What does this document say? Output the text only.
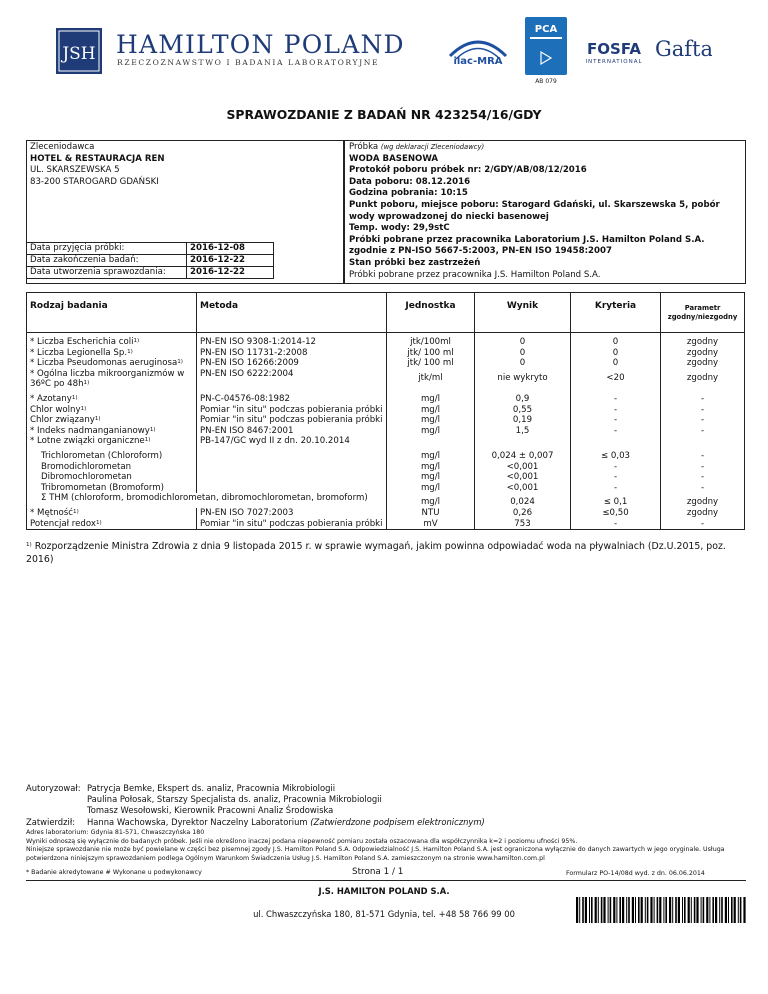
JSH HAMILTON POLAND
RZECZOZNAWSTWO I BADANIA LABORATORYJNE	ilac-MRA
PCA
AB 079
FOSFA
INTERNATIONAL
Gafta
SPRAWOZDANIE Z BADAŃ NR 423254/16/GDY
Zleceniodawca
HOTEL & RESTAURACJA REN
UL. SKARSZEWSKA 5
83-200 STAROGARD GDAŃSKI
Data przyjęcia próbki:	2016-12-08
Data zakończenia badań:	2016-12-22
Data utworzenia sprawozdania:	2016-12-22
Próbka (wg deklaracji Zleceniodawcy)
WODA BASENOWA
Protokół poboru próbek nr: 2/GDY/AB/08/12/2016
Data poboru: 08.12.2016
Godzina pobrania: 10:15
Punkt poboru, miejsce poboru: Starogard Gdański, ul. Skarszewska 5, pobór wody wprowadzonej do niecki basenowej
Temp. wody: 29,9stC
Próbki pobrane przez pracownika Laboratorium J.S. Hamilton Poland S.A. zgodnie z PN-ISO 5667-5:2003, PN-EN ISO 19458:2007
Stan próbki bez zastrzeżeń
Próbki pobrane przez pracownika J.S. Hamilton Poland S.A.
Rodzaj badania	Metoda	Jednostka	Wynik	Kryteria	Parametr zgodny/niezgodny

* Liczba Escherichia coli$^{1)}$	PN-EN ISO 9308-1:2014-12	jtk/100ml	0	0	zgodny
* Liczba Legionella Sp.$^{1)}$	PN-EN ISO 11731-2:2008	jtk/ 100 ml	0	0	zgodny
* Liczba Pseudomonas aeruginosa$^{1)}$	PN-EN ISO 16266:2009	jtk/ 100 ml	0	0	zgodny
* Ogólna liczba mikroorganizmów w 36ºC po $48h^{1)}$	PN-EN ISO 6222:2004	jtk/ml	nie wykryto	<20	zgodny

* Azotany$^{1)}$	PN-C-04576-08:1982	mg/l	0,9	-	-
Chlor wolny$^{1)}$	Pomiar "in situ" podczas pobierania próbki	mg/l	0,55	-	-
Chlor związany$^{1)}$	Pomiar "in situ" podczas pobierania próbki	mg/l	0,19	-	-
* Indeks nadmanganianowy$^{1)}$	PN-EN ISO 8467:2001	mg/l	1,5	-	-
* Lotne związki organiczne$^{1)}$	PB-147/GC wyd II z dn. 20.10.2014				

Trichlorometan (Chloroform)		mg/l	0,024 ± 0,007	≤ 0,03	-
Bromodichlorometan		mg/l	<0,001	-	-
Dibromochlorometan		mg/l	<0,001	-	-
Tribromometan (Bromoform)		mg/l	<0,001	-	-
Σ THM (chloroform, bromodichlorometan, dibromochlorometan, bromoform)		mg/l	0,024	≤ 0,1	zgodny
* Mętność$^{1)}$	PN-EN ISO 7027:2003	NTU	0,26	≤0,50	zgodny
Potencjał redox$^{1)}$	Pomiar "in situ" podczas pobierania próbki	mV	753	-	-
$^{1)}$ Rozporządzenie Ministra Zdrowia z dnia 9 listopada 2015 r. w sprawie wymagań, jakim powinna odpowiadać woda na pływalniach (Dz.U.2015, poz. 2016)
Autoryzował: Patrycja Bemke, Ekspert ds. analiz, Pracownia Mikrobiologii
Paulina Połosak, Starszy Specjalista ds. analiz, Pracownia Mikrobiologii
Tomasz Wesołowski, Kierownik Pracowni Analiz Środowiska
Zatwierdził:	Hanna Wachowska, Dyrektor Naczelny Laboratorium
(Zatwierdzone podpisem elektronicznym)
Adres laboratorium: Gdynia 81-571, Chwaszczyńska 180
Wyniki odnoszą się wyłącznie do badanych próbek. Jeśli nie określono inaczej podana niepewność pomiaru została oszacowana dla współczynnika k=2 i poziomu ufności 95%.
Niniejsze sprawozdanie nie może być powielane w części bez pisemnej zgody J.S. Hamilton Poland S.A. Odpowiedzialność J.S. Hamilton Poland S.A. jest ograniczona wyłącznie do danych zawartych w jego oryginale. Usługa potwierdzona niniejszym sprawozdaniem podlega Ogólnym Warunkom Świadczenia Usług J.S. Hamilton Poland S.A. zamieszczonym na stronie www.hamilton.com.pl
* Badanie akredytowane # Wykonane u podwykonawcy	Strona 1 / 1	Formularz PO-14/08d wyd. z dn. 06.06.2014
J.S. HAMILTON POLAND S.A.
ul. Chwaszczyńska 180, 81-571 Gdynia, tel. +48 58 766 99 00
